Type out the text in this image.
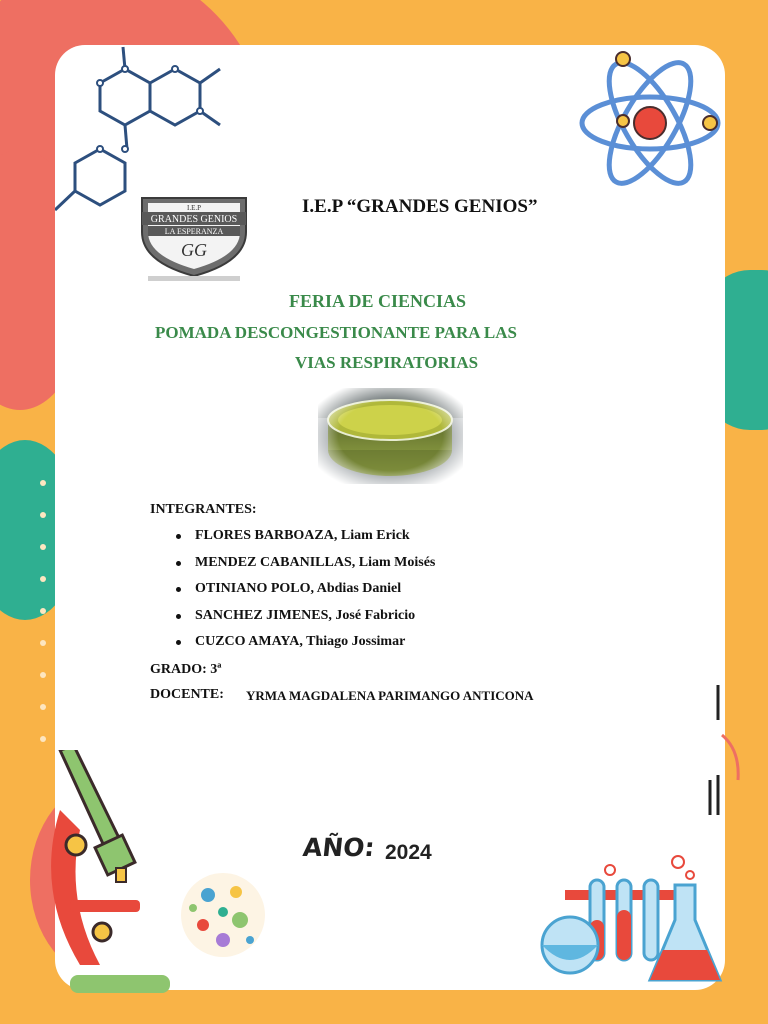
I.E.P
GRANDES GENIOS
LA ESPERANZA
GG
I.E.P “GRANDES GENIOS”
FERIA DE CIENCIAS
POMADA DESCONGESTIONANTE PARA LAS
VIAS RESPIRATORIAS
INTEGRANTES:
FLORES BARBOAZA, Liam Erick
MENDEZ CABANILLAS, Liam Moisés
OTINIANO POLO, Abdias Daniel
SANCHEZ JIMENES, José Fabricio
CUZCO AMAYA, Thiago Jossimar
GRADO: 3ª
DOCENTE: YRMA MAGDALENA PARIMANGO ANTICONA
AÑO: 2024
